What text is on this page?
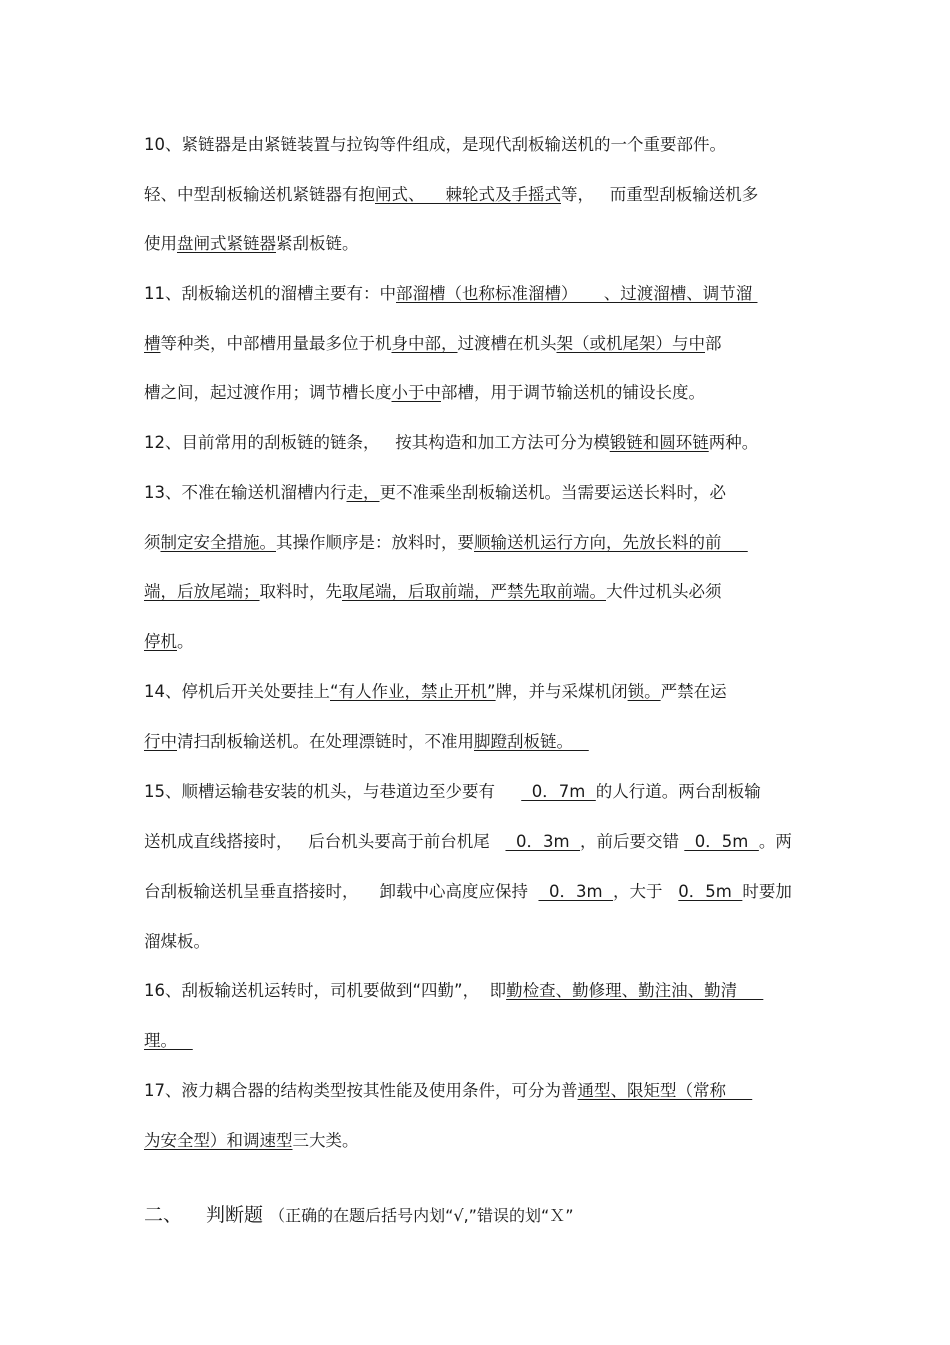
10、紧链器是由紧链装置与拉钩等件组成，是现代刮板输送机的一个重要部件。
轻、中型刮板输送机紧链器有抱闸式、    棘轮式及手摇式等，   而重型刮板输送机多
使用盘闸式紧链器紧刮板链。
11、刮板输送机的溜槽主要有：中部溜槽（也称标准溜槽）     、过渡溜槽、调节溜
槽等种类，中部槽用量最多位于机身中部，过渡槽在机头架（或机尾架）与中部
槽之间，起过渡作用；调节槽长度小于中部槽，用于调节输送机的铺设长度。
12、目前常用的刮板链的链条，   按其构造和加工方法可分为模锻链和圆环链两种。
13、不准在输送机溜槽内行走，更不准乘坐刮板输送机。当需要运送长料时，必
须制定安全措施。其操作顺序是：放料时，要顺输送机运行方向，先放长料的前
端，后放尾端；取料时，先取尾端，后取前端，严禁先取前端。大件过机头必须
停机。
14、停机后开关处要挂上“有人作业，禁止开机”牌，并与采煤机闭锁。严禁在运
行中清扫刮板输送机。在处理漂链时，不准用脚蹬刮板链。
15、顺槽运输巷安装的机头，与巷道边至少要有       0．7m  的人行道。两台刮板输
送机成直线搭接时，   后台机头要高于前台机尾     0．3m  ，前后要交错   0．5m  。两
台刮板输送机呈垂直搭接时，    卸载中心高度应保持    0．3m  ，大于   0．5m  时要加
溜煤板。
16、刮板输送机运转时，司机要做到“四勤”，  即勤检查、勤修理、勤注油、勤清
理。
17、液力耦合器的结构类型按其性能及使用条件，可分为普通型、限矩型（常称
为安全型）和调速型三大类。
二、 判断题 （正确的在题后括号内划“√,”错误的划“Ｘ”
